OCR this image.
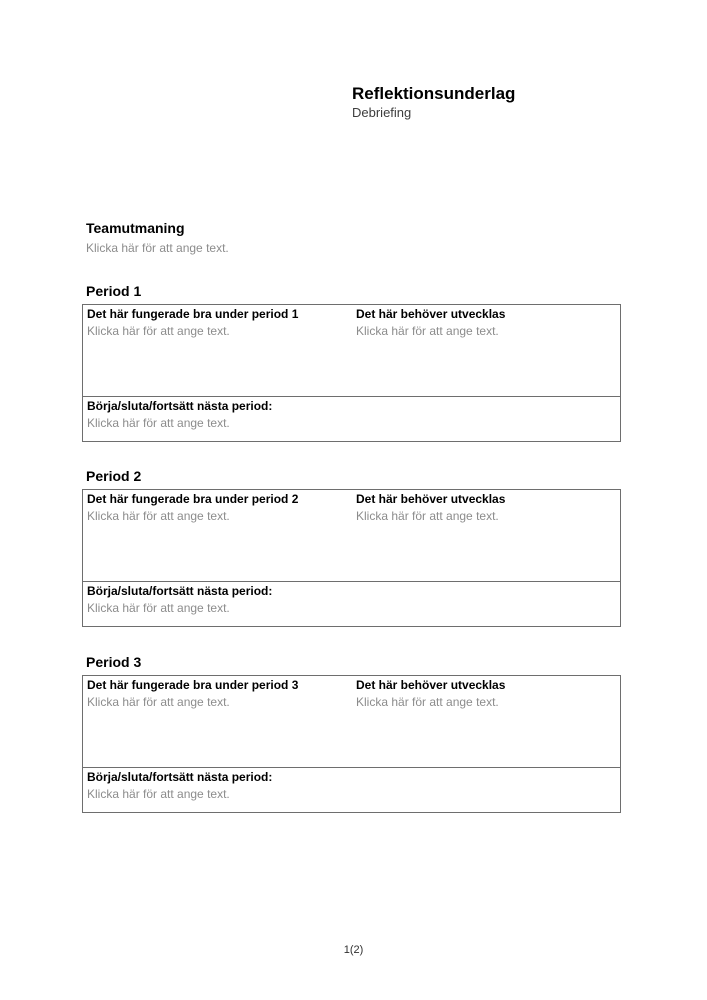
Reflektionsunderlag
Debriefing
Teamutmaning
Klicka här för att ange text.
Period 1
Det här fungerade bra under period 1
Klicka här för att ange text.
Det här behöver utvecklas
Klicka här för att ange text.
Börja/sluta/fortsätt nästa period:
Klicka här för att ange text.
Period 2
Det här fungerade bra under period 2
Klicka här för att ange text.
Det här behöver utvecklas
Klicka här för att ange text.
Börja/sluta/fortsätt nästa period:
Klicka här för att ange text.
Period 3
Det här fungerade bra under period 3
Klicka här för att ange text.
Det här behöver utvecklas
Klicka här för att ange text.
Börja/sluta/fortsätt nästa period:
Klicka här för att ange text.
1(2)
